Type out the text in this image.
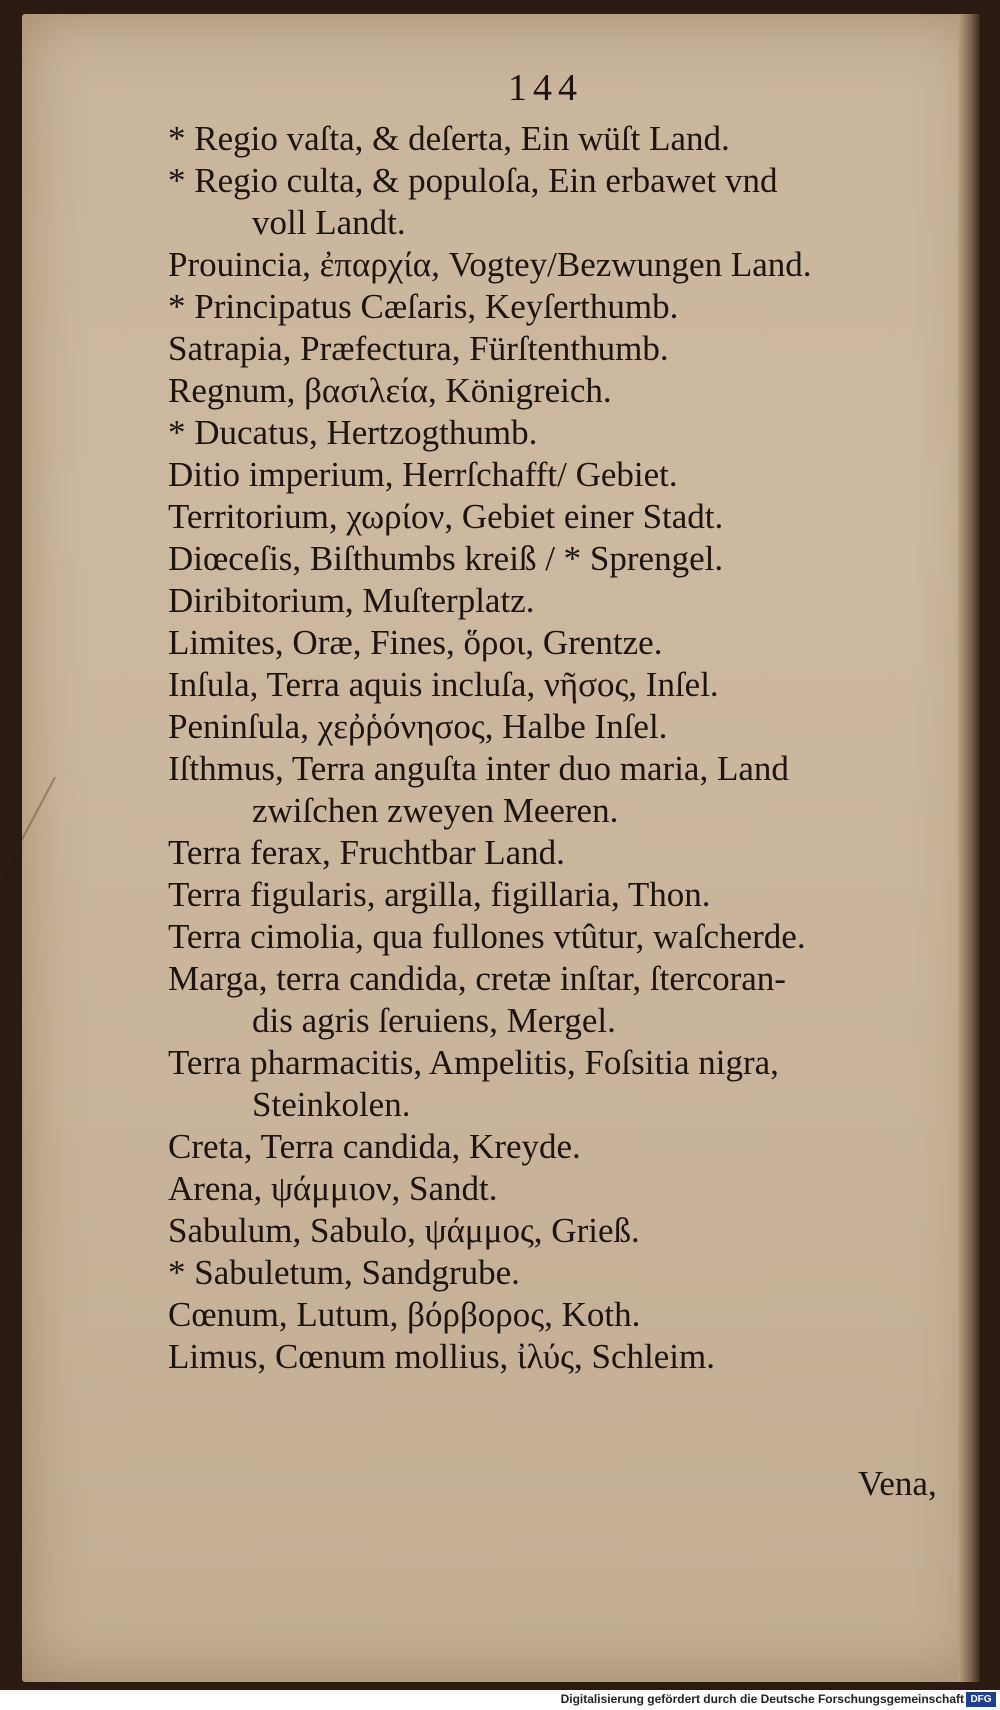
144
* Regio vaſta, & deſerta, Ein wüſt Land.
* Regio culta, & populoſa, Ein erbawet vnd
voll Landt.
Prouincia, ἐπαρχία, Vogtey/Bezwungen Land.
* Principatus Cæſaris, Keyſerthumb.
Satrapia, Præfectura, Fürſtenthumb.
Regnum, βασιλεία, Königreich.
* Ducatus, Hertzogthumb.
Ditio imperium, Herrſchafft/ Gebiet.
Territorium, χωρίον, Gebiet einer Stadt.
Diœceſis, Biſthumbs kreiß / * Sprengel.
Diribitorium, Muſterplatz.
Limites, Oræ, Fines, ὅροι, Grentze.
Inſula, Terra aquis incluſa, νῆσος, Inſel.
Peninſula, χεῤῥόνησος, Halbe Inſel.
Iſthmus, Terra anguſta inter duo maria, Land
zwiſchen zweyen Meeren.
Terra ferax, Fruchtbar Land.
Terra figularis, argilla, figillaria, Thon.
Terra cimolia, qua fullones vtûtur, waſcherde.
Marga, terra candida, cretæ inſtar, ſtercoran-
dis agris ſeruiens, Mergel.
Terra pharmacitis, Ampelitis, Foſsitia nigra,
Steinkolen.
Creta, Terra candida, Kreyde.
Arena, ψάμμιον, Sandt.
Sabulum, Sabulo, ψάμμος, Grieß.
* Sabuletum, Sandgrube.
Cœnum, Lutum, βόρβορος, Koth.
Limus, Cœnum mollius, ἰλύς, Schleim.
Vena,
Digitalisierung gefördert durch die Deutsche Forschungsgemeinschaft DFG
